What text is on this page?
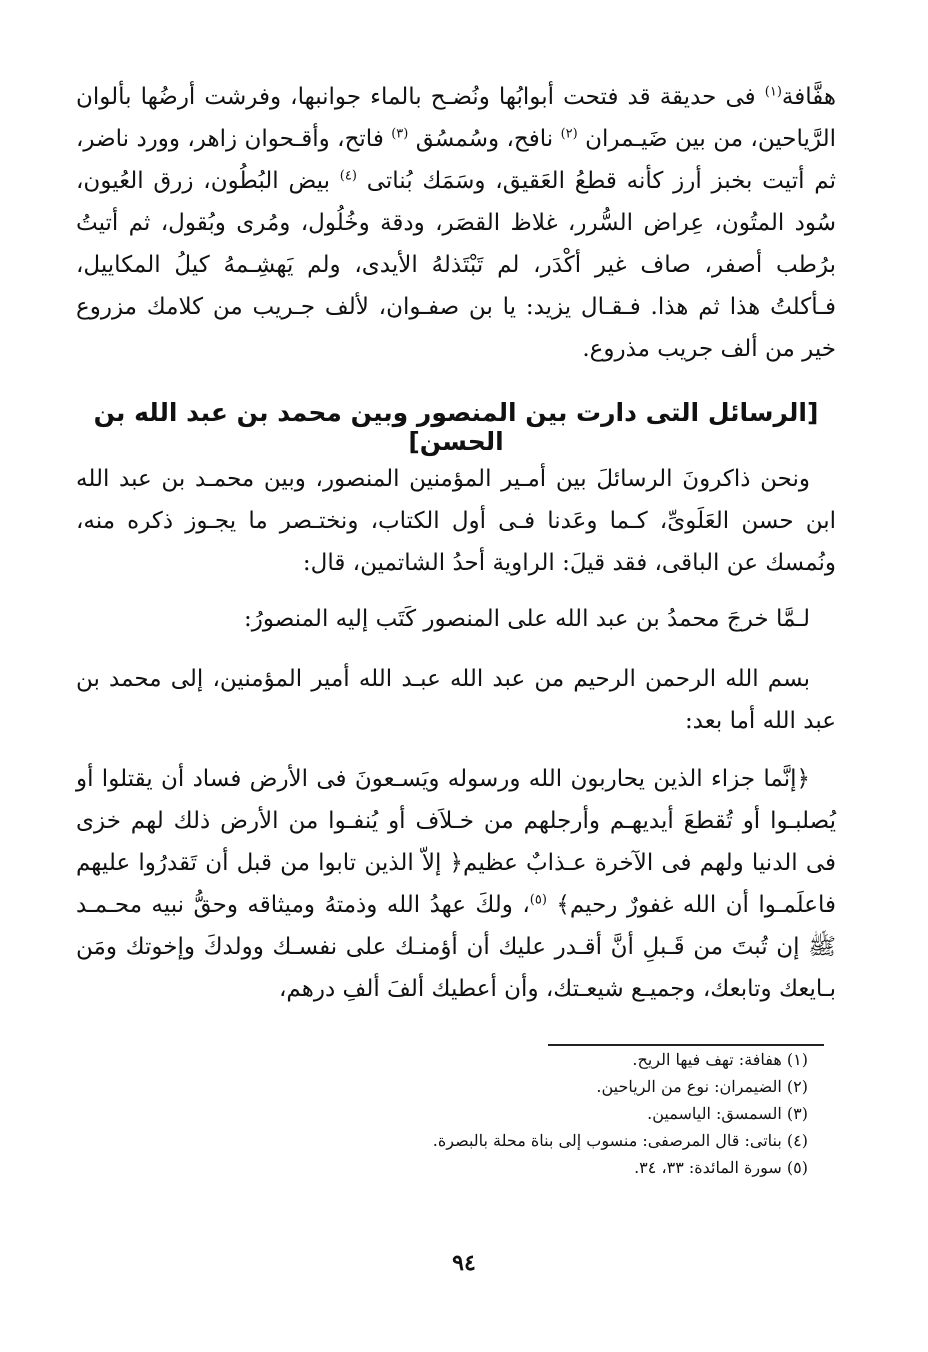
هفَّافة$^{(١)}$ فى حديقة قد فتحت أبوابُها ونُضـح بالماء جوانبها، وفرشت أرضُها بألوان الرَّياحين، من بين ضَيـمران $^{(٢)}$ نافح، وسُمسُق $^{(٣)}$ فاتح، وأقـحوان زاهر، وورد ناضر، ثم أتيت بخبز أرز كأنه قطعُ العَقيق، وسَمَك بُناتى $^{(٤)}$ بيض البُطُون، زرق العُيون، سُود المتُون، عِراض السُّرر، غلاظ القصَر، ودقة وخُلُول، ومُرى وبُقول، ثم أتيتُ برُطب أصفر، صاف غير أكْدَر، لم تَبْتَذلهُ الأيدى، ولم يَهشِـمهُ كيلُ المكاييل، فـأكلتُ هذا ثم هذا. فـقـال يزيد: يا بن صفـوان، لألف جـريب من كلامك مزروع خير من ألف جريب مذروع.
[الرسائل التى دارت بين المنصور وبين محمد بن عبد الله بن الحسن]
ونحن ذاكرونَ الرسائلَ بين أمـير المؤمنين المنصور، وبين محمـد بن عبد الله ابن حسن العَلَوىِّ، كـما وعَدنا فـى أول الكتاب، ونختـصر ما يجـوز ذكره منه، ونُمسك عن الباقى، فقد قيلَ: الراوية أحدُ الشاتمين، قال:
لـمَّا خرجَ محمدُ بن عبد الله على المنصور كَتَب إليه المنصورُ:
بسم الله الرحمن الرحيم من عبد الله عبـد الله أمير المؤمنين، إلى محمد بن عبد الله أما بعد:
﴿إنَّما جزاء الذين يحاربون الله ورسوله ويَسـعونَ فى الأرض فساد أن يقتلوا أو يُصلبـوا أو تُقطعَ أيديهـم وأرجلهم من خـلاَف أو يُنفـوا من الأرض ذلك لهم خزى فى الدنيا ولهم فى الآخرة عـذابٌ عظيم﴿ إلاّ الذين تابوا من قبل أن تَقدرُوا عليهم فاعلَمـوا أن الله غفورٌ رحيم﴾ $^{(٥)}$، ولكَ عهدُ الله وذمتهُ وميثاقه وحقُّ نبيه محـمـد ﷺ إن تُبتَ من قَـبلِ أنَّ أقـدر عليك أن أؤمنـك على نفسـك وولدكَ وإخوتك ومَن بـايعك وتابعك، وجميـع شيعـتك، وأن أعطيك ألفَ ألفِ درهم،
(١) هفافة: تهف فيها الريح.
(٢) الضيمران: نوع من الرياحين.
(٣) السمسق: الياسمين.
(٤) بناتى: قال المرصفى: منسوب إلى بناة محلة بالبصرة.
(٥) سورة المائدة: ٣٣، ٣٤.
٩٤
